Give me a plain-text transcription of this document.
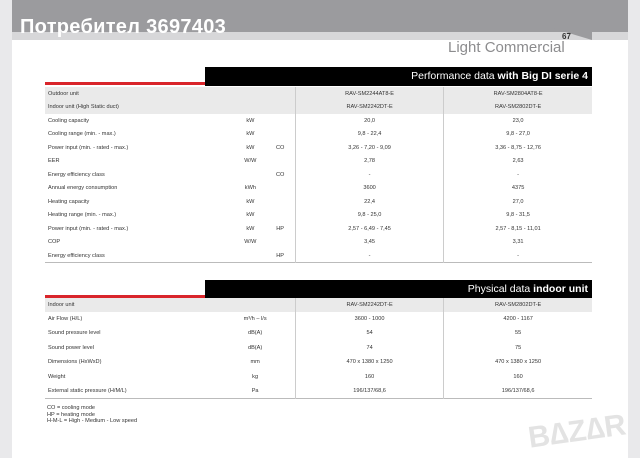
Потребител 3697403	67
Light Commercial
Performance data with Big DI serie 4
Outdoor unit			RAV-SM2244AT8-E	RAV-SM2804AT8-E
Indoor unit (High Static duct)			RAV-SM2242DT-E	RAV-SM2802DT-E
Cooling capacity	kW		20,0	23,0
Cooling range (min. - max.)	kW		9,8 - 22,4	9,8 - 27,0
Power input (min. - rated - max.)	kW	CO	3,26 - 7,20 - 9,09	3,36 - 8,75 - 12,76
EER	W/W		2,78	2,63
Energy efficiency class		CO	-	-
Annual energy consumption	kWh		3600	4375
Heating capacity	kW		22,4	27,0
Heating range (min. - max.)	kW		9,8 - 25,0	9,8 - 31,5
Power input (min. - rated - max.)	kW	HP	2,57 - 6,49 - 7,45	2,57 - 8,15 - 11,01
COP	W/W		3,45	3,31
Energy efficiency class		HP	-	-
Physical data indoor unit
Indoor unit		RAV-SM2242DT-E	RAV-SM2802DT-E
Air Flow (H/L)	m³/h – l/s	3600 - 1000	4200 - 1167
Sound pressure level	dB(A)	54	55
Sound power level	dB(A)	74	75
Dimensions (HxWxD)	mm	470 x 1380 x 1250	470 x 1380 x 1250
Weight	kg	160	160
External static pressure (H/M/L)	Pa	196/137/68,6	196/137/68,6
CO = cooling mode
HP = heating mode
H-M-L = High - Medium - Low speed	B∆Z∆R
